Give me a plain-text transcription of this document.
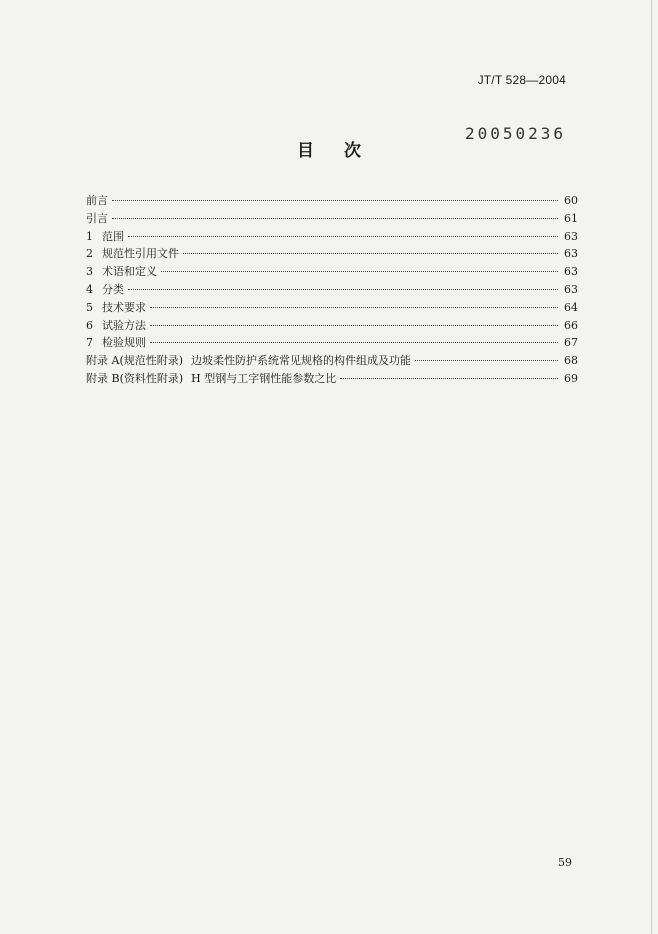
JT/T 528—2004
20050236
目次
前言	60
引言	61
1 范围	63
2 规范性引用文件	63
3 术语和定义	63
4 分类	63
5 技术要求	64
6 试验方法	66
7 检验规则	67
附录 A(规范性附录) 边坡柔性防护系统常见规格的构件组成及功能	68
附录 B(资料性附录) H 型钢与工字钢性能参数之比	69
59
